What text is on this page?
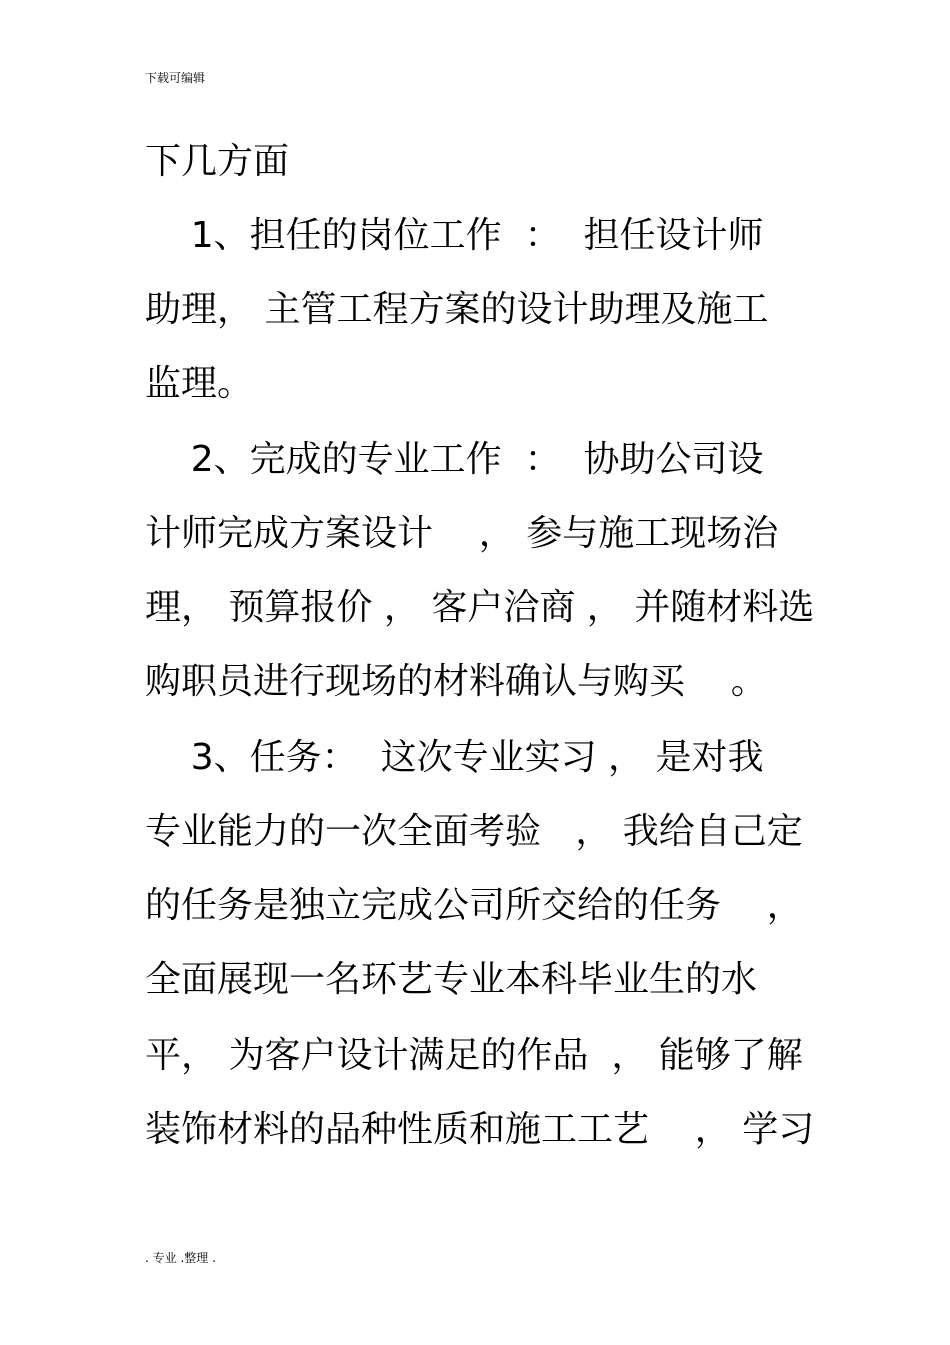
下载可编辑
下几方面
1、担任的岗位工作  ：  担任设计师
助理， 主管工程方案的设计助理及施工
监理。
2、完成的专业工作  ：  协助公司设
计师完成方案设计    ， 参与施工现场治
理， 预算报价 ， 客户洽商 ， 并随材料选
购职员进行现场的材料确认与购买    。
3、任务：  这次专业实习 ， 是对我
专业能力的一次全面考验   ， 我给自己定
的任务是独立完成公司所交给的任务    ，
全面展现一名环艺专业本科毕业生的水
平， 为客户设计满足的作品  ， 能够了解
装饰材料的品种性质和施工工艺    ， 学习
. 专业 .整理 .
